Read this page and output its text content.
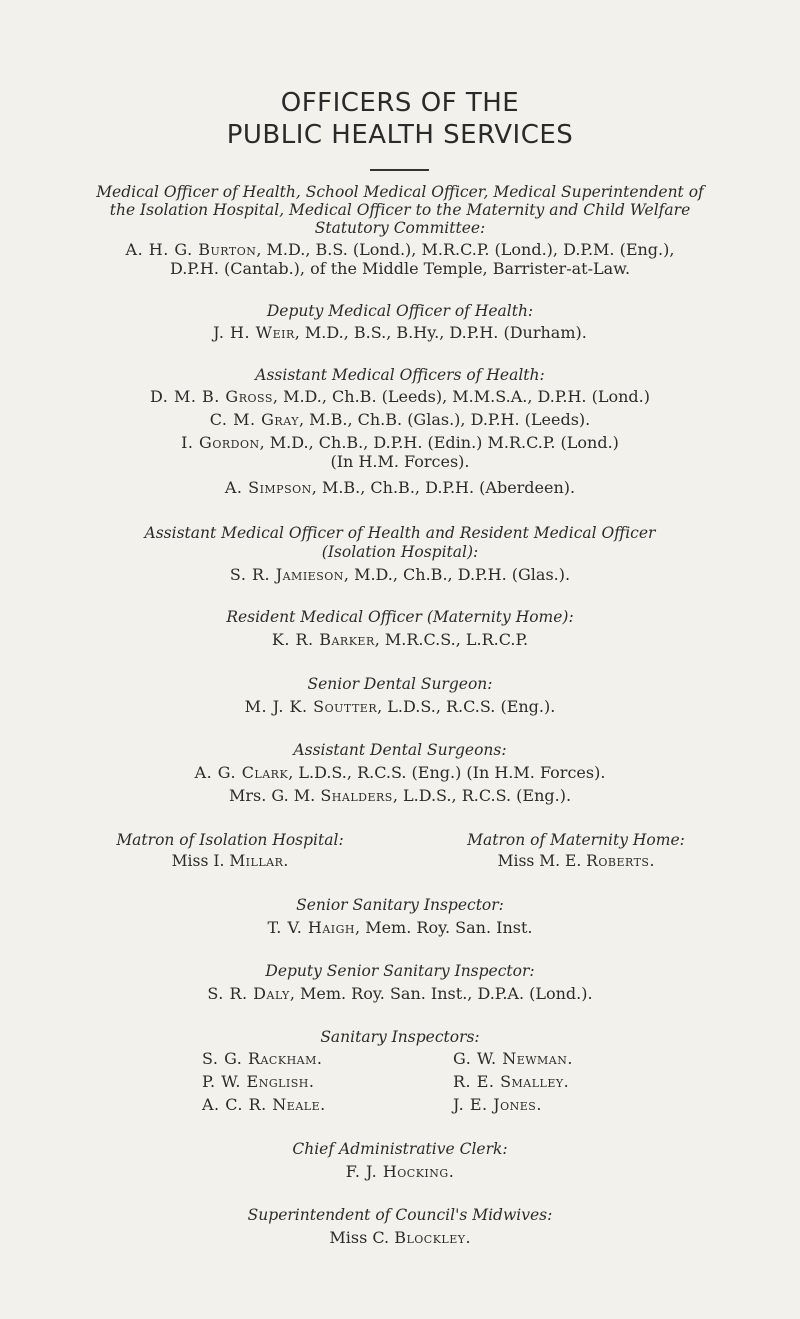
OFFICERS OF THE
PUBLIC HEALTH SERVICES
Medical Officer of Health, School Medical Officer, Medical Superintendent of
the Isolation Hospital, Medical Officer to the Maternity and Child Welfare
Statutory Committee:
A. H. G. Burton, M.D., B.S. (Lond.), M.R.C.P. (Lond.), D.P.M. (Eng.),
D.P.H. (Cantab.), of the Middle Temple, Barrister-at-Law.
Deputy Medical Officer of Health:
J. H. Weir, M.D., B.S., B.Hy., D.P.H. (Durham).
Assistant Medical Officers of Health:
D. M. B. Gross, M.D., Ch.B. (Leeds), M.M.S.A., D.P.H. (Lond.)
C. M. Gray, M.B., Ch.B. (Glas.), D.P.H. (Leeds).
I. Gordon, M.D., Ch.B., D.P.H. (Edin.) M.R.C.P. (Lond.)
(In H.M. Forces).
A. Simpson, M.B., Ch.B., D.P.H. (Aberdeen).
Assistant Medical Officer of Health and Resident Medical Officer
(Isolation Hospital):
S. R. Jamieson, M.D., Ch.B., D.P.H. (Glas.).
Resident Medical Officer (Maternity Home):
K. R. Barker, M.R.C.S., L.R.C.P.
Senior Dental Surgeon:
M. J. K. Soutter, L.D.S., R.C.S. (Eng.).
Assistant Dental Surgeons:
A. G. Clark, L.D.S., R.C.S. (Eng.) (In H.M. Forces).
Mrs. G. M. Shalders, L.D.S., R.C.S. (Eng.).
Matron of Isolation Hospital:
Miss I. Millar.
Matron of Maternity Home:
Miss M. E. Roberts.
Senior Sanitary Inspector:
T. V. Haigh, Mem. Roy. San. Inst.
Deputy Senior Sanitary Inspector:
S. R. Daly, Mem. Roy. San. Inst., D.P.A. (Lond.).
Sanitary Inspectors:
S. G. Rackham.
P. W. English.
A. C. R. Neale.
G. W. Newman.
R. E. Smalley.
J. E. Jones.
Chief Administrative Clerk:
F. J. Hocking.
Superintendent of Council's Midwives:
Miss C. Blockley.
